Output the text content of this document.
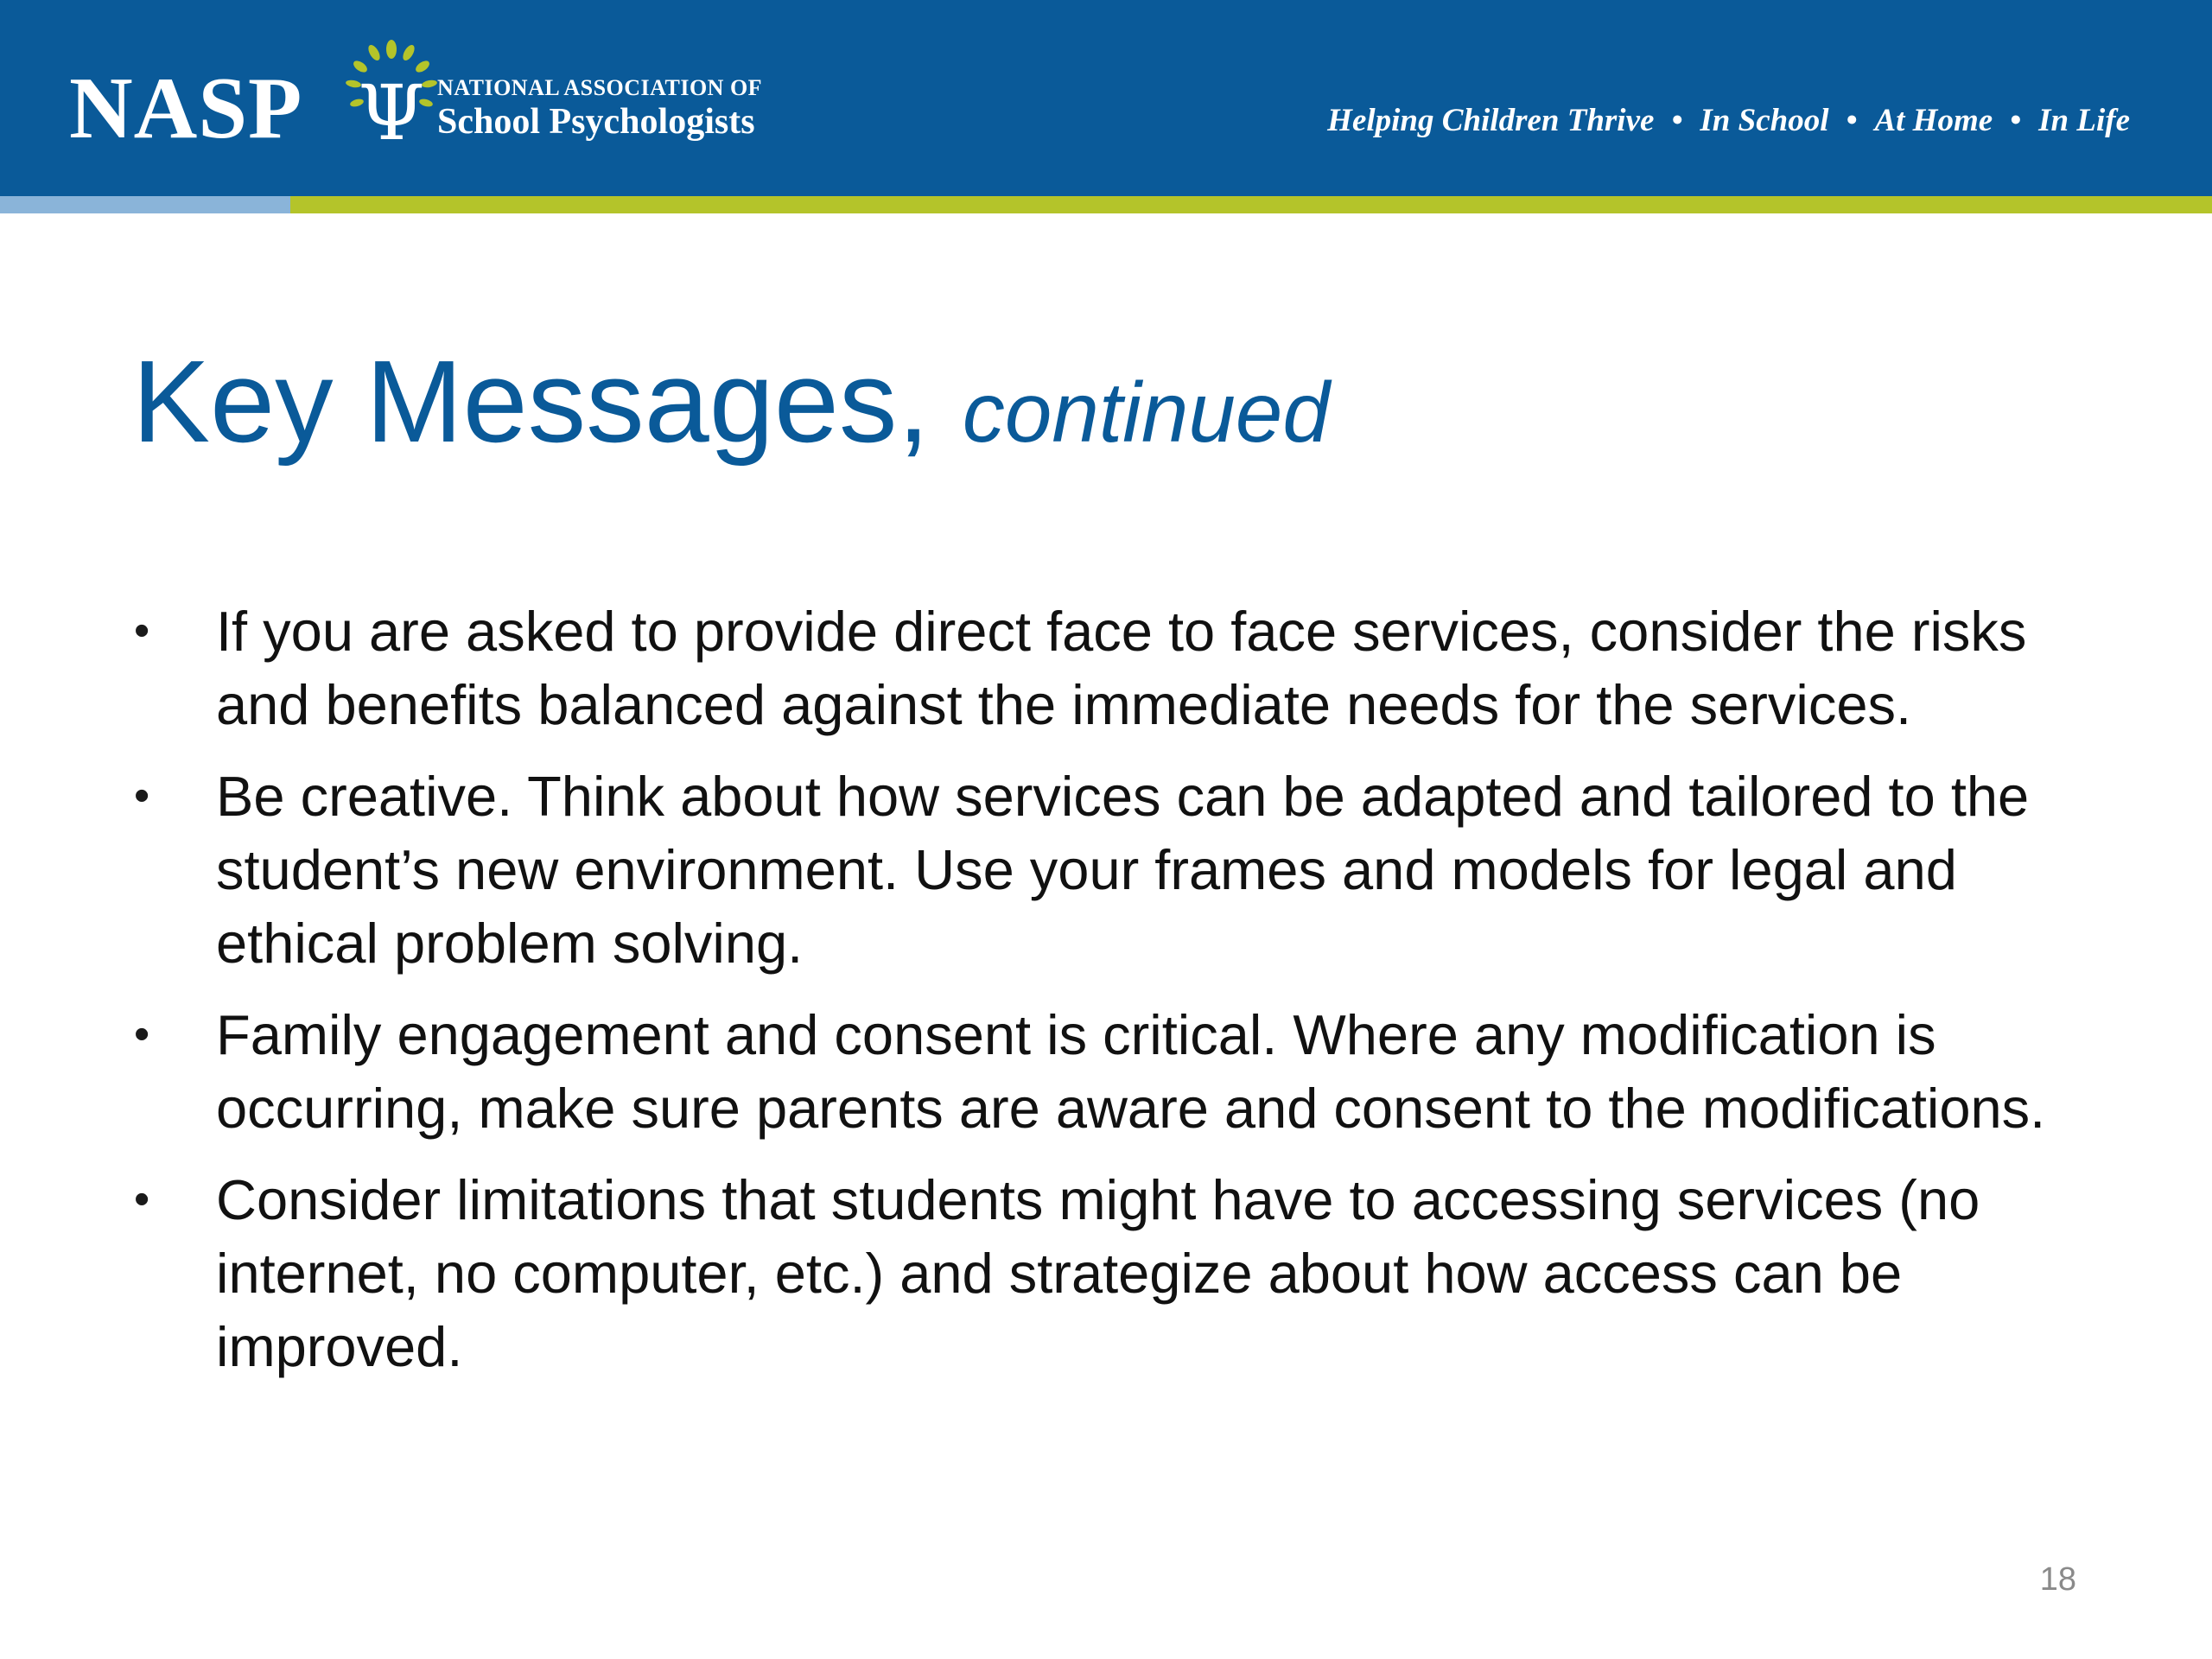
NASP Ψ NATIONAL ASSOCIATION OF
School Psychologists	Helping Children Thrive • In School • At Home • In Life
Key Messages, continued
• If you are asked to provide direct face to face services, consider the risks and benefits balanced against the immediate needs for the services.
• Be creative. Think about how services can be adapted and tailored to the student’s new environment. Use your frames and models for legal and ethical problem solving.
• Family engagement and consent is critical. Where any modification is occurring, make sure parents are aware and consent to the modifications.
• Consider limitations that students might have to accessing services (no internet, no computer, etc.) and strategize about how access can be improved.
18
